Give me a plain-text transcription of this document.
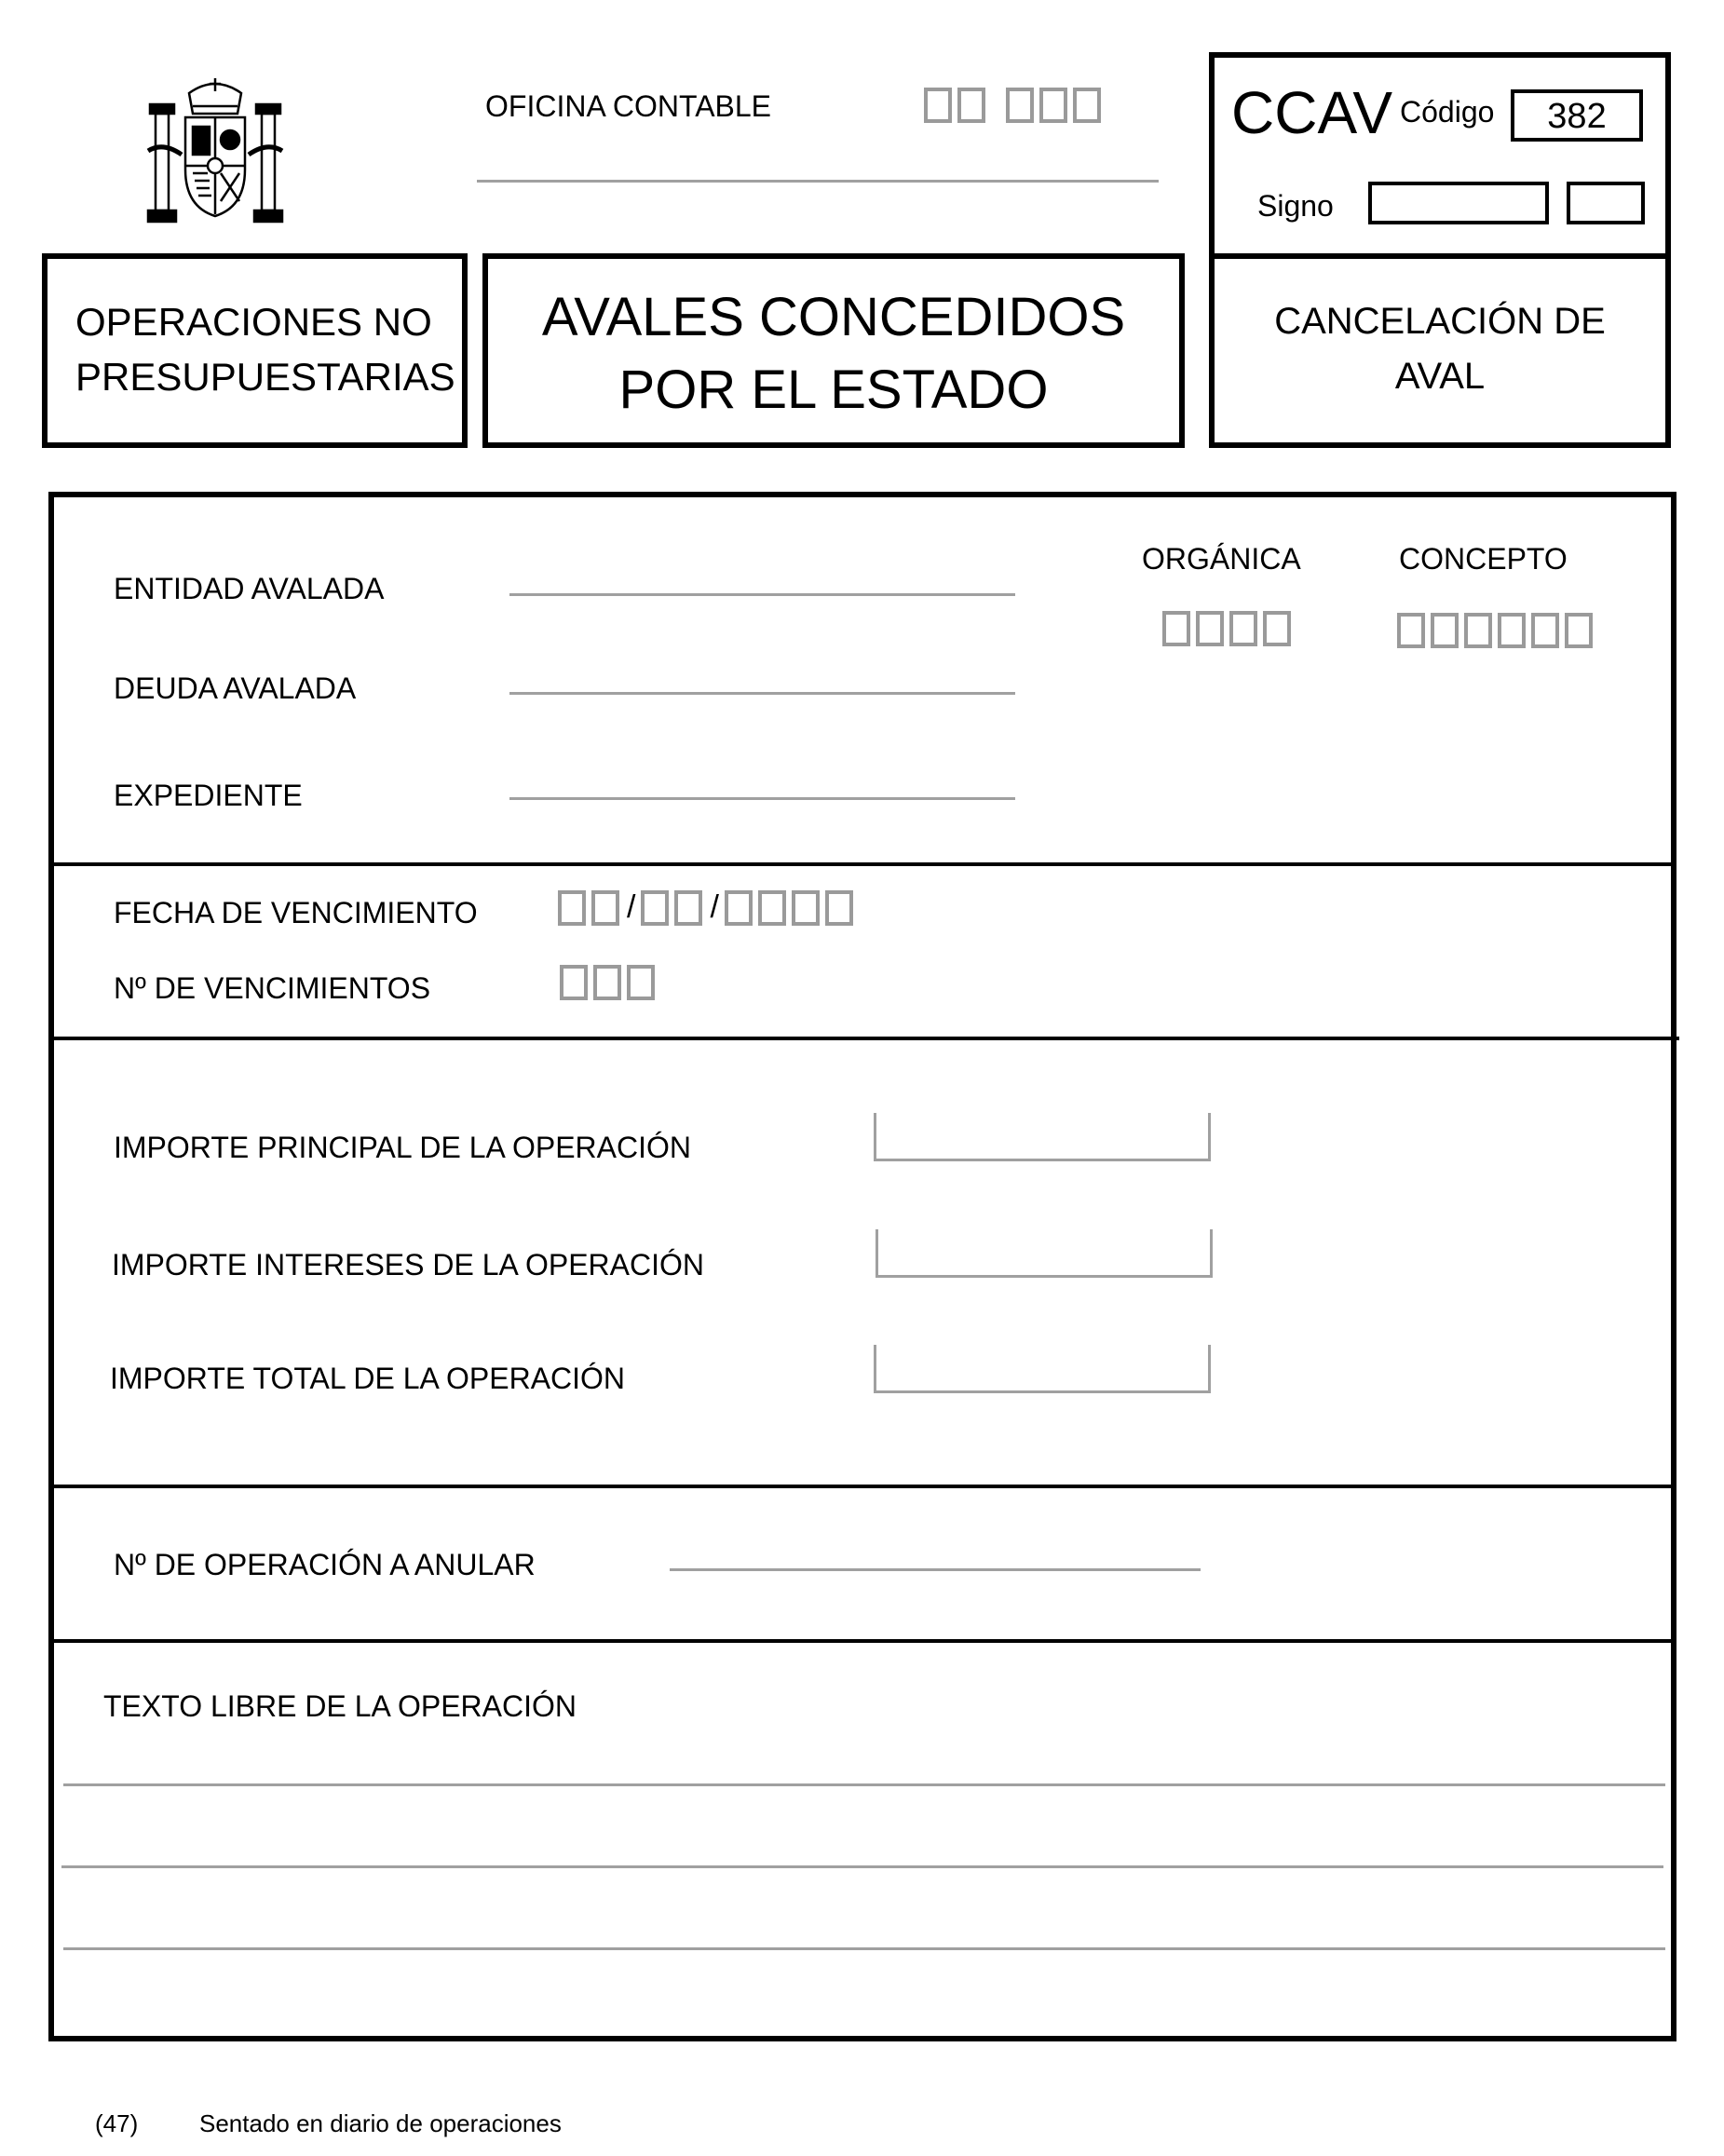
OFICINA CONTABLE	CCAV Código	382
Signo
OPERACIONES NO
PRESUPUESTARIAS
AVALES CONCEDIDOS
POR EL ESTADO
CANCELACIÓN DE
AVAL
ENTIDAD AVALADA
DEUDA AVALADA
EXPEDIENTE
ORGÁNICA	CONCEPTO
FECHA DE VENCIMIENTO	/ /
Nº DE VENCIMIENTOS
IMPORTE PRINCIPAL DE LA OPERACIÓN
IMPORTE INTERESES DE LA OPERACIÓN
IMPORTE TOTAL DE LA OPERACIÓN
Nº DE OPERACIÓN A ANULAR
TEXTO LIBRE DE LA OPERACIÓN
(47)	Sentado en diario de operaciones
